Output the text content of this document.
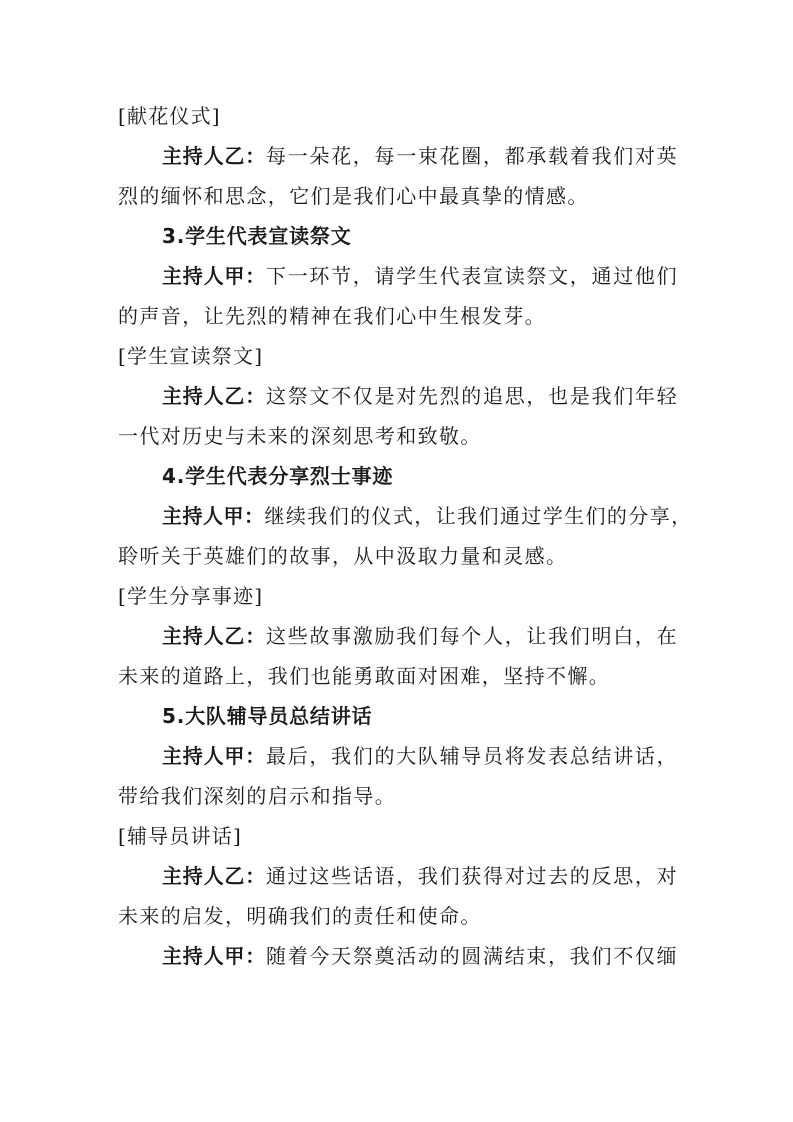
[献花仪式]
主持人乙：每一朵花，每一束花圈，都承载着我们对英
烈的缅怀和思念，它们是我们心中最真挚的情感。
3.学生代表宣读祭文
主持人甲：下一环节，请学生代表宣读祭文，通过他们
的声音，让先烈的精神在我们心中生根发芽。
[学生宣读祭文]
主持人乙：这祭文不仅是对先烈的追思，也是我们年轻
一代对历史与未来的深刻思考和致敬。
4.学生代表分享烈士事迹
主持人甲：继续我们的仪式，让我们通过学生们的分享，
聆听关于英雄们的故事，从中汲取力量和灵感。
[学生分享事迹]
主持人乙：这些故事激励我们每个人，让我们明白，在
未来的道路上，我们也能勇敢面对困难，坚持不懈。
5.大队辅导员总结讲话
主持人甲：最后，我们的大队辅导员将发表总结讲话，
带给我们深刻的启示和指导。
[辅导员讲话]
主持人乙：通过这些话语，我们获得对过去的反思，对
未来的启发，明确我们的责任和使命。
主持人甲：随着今天祭奠活动的圆满结束，我们不仅缅
